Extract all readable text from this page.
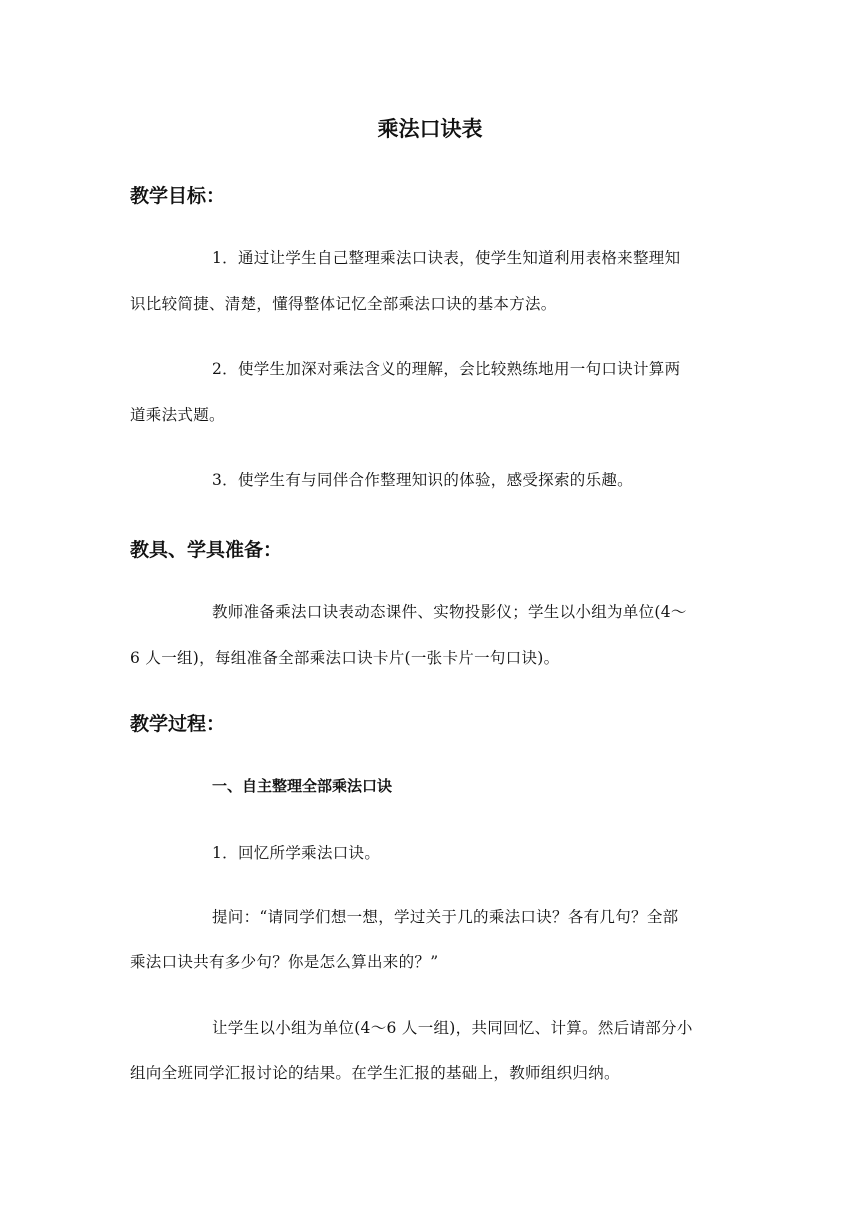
乘法口诀表
教学目标：
1．通过让学生自己整理乘法口诀表，使学生知道利用表格来整理知
识比较简捷、清楚，懂得整体记忆全部乘法口诀的基本方法。
2．使学生加深对乘法含义的理解，会比较熟练地用一句口诀计算两
道乘法式题。
3．使学生有与同伴合作整理知识的体验，感受探索的乐趣。
教具、学具准备：
教师准备乘法口诀表动态课件、实物投影仪；学生以小组为单位(4～
6 人一组)，每组准备全部乘法口诀卡片(一张卡片一句口诀)。
教学过程：
一、自主整理全部乘法口诀
1．回忆所学乘法口诀。
提问：“请同学们想一想，学过关于几的乘法口诀？各有几句？全部
乘法口诀共有多少句？你是怎么算出来的？”
让学生以小组为单位(4～6 人一组)，共同回忆、计算。然后请部分小
组向全班同学汇报讨论的结果。在学生汇报的基础上，教师组织归纳。
